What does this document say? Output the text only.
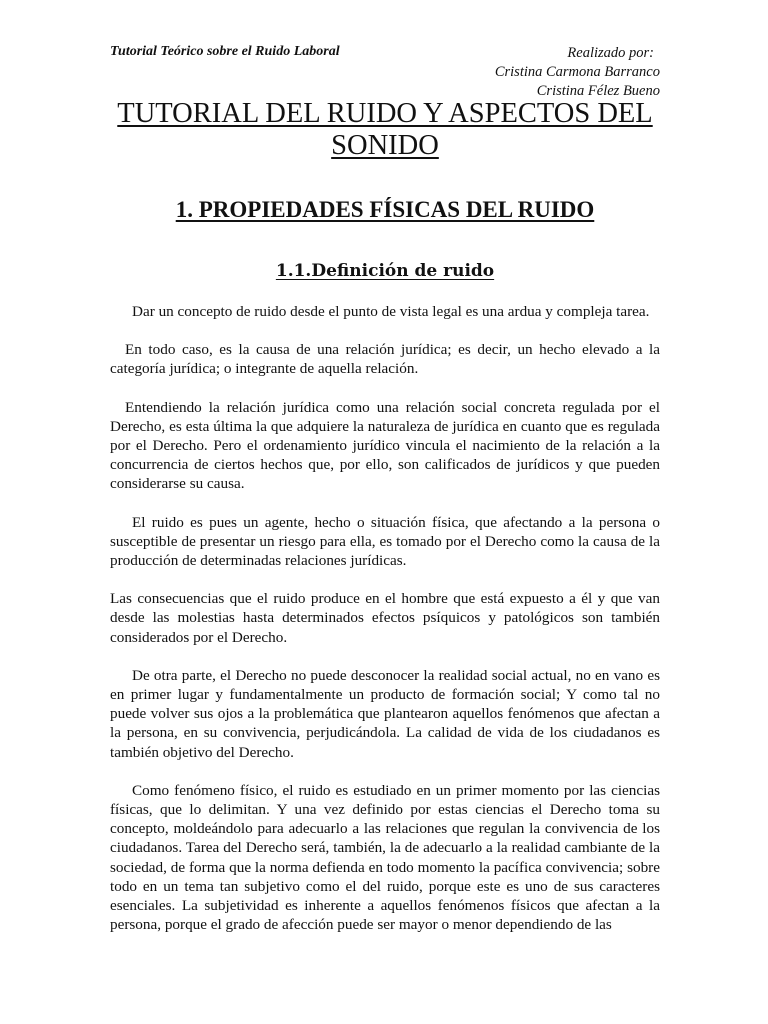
Tutorial Teórico sobre el Ruido Laboral	Realizado por:
Cristina Carmona Barranco
Cristina Félez Bueno
TUTORIAL DEL RUIDO Y ASPECTOS DEL SONIDO
1. PROPIEDADES FÍSICAS DEL RUIDO
1.1.Definición de ruido

Dar un concepto de ruido desde el punto de vista legal es una ardua y compleja tarea.

En todo caso, es la causa de una relación jurídica; es decir, un hecho elevado a la categoría jurídica; o integrante de aquella relación.

Entendiendo la relación jurídica como una relación social concreta regulada por el Derecho, es esta última la que adquiere la naturaleza de jurídica en cuanto que es regulada por el Derecho. Pero el ordenamiento jurídico vincula el nacimiento de la relación a la concurrencia de ciertos hechos que, por ello, son calificados de jurídicos y que pueden considerarse su causa.

El ruido es pues un agente, hecho o situación física, que afectando a la persona o susceptible de presentar un riesgo para ella, es tomado por el Derecho como la causa de la producción de determinadas relaciones jurídicas.

Las consecuencias que el ruido produce en el hombre que está expuesto a él y que van desde las molestias hasta determinados efectos psíquicos y patológicos son también considerados por el Derecho.

De otra parte, el Derecho no puede desconocer la realidad social actual, no en vano es en primer lugar y fundamentalmente un producto de formación social; Y como tal no puede volver sus ojos a la problemática que plantearon aquellos fenómenos que afectan a la persona, en su convivencia, perjudicándola. La calidad de vida de los ciudadanos es también objetivo del Derecho.

Como fenómeno físico, el ruido es estudiado en un primer momento por las ciencias físicas, que lo delimitan. Y una vez definido por estas ciencias el Derecho toma su concepto, moldeándolo para adecuarlo a las relaciones que regulan la convivencia de los ciudadanos. Tarea del Derecho será, también, la de adecuarlo a la realidad cambiante de la sociedad, de forma que la norma defienda en todo momento la pacífica convivencia; sobre todo en un tema tan subjetivo como el del ruido, porque este es uno de sus caracteres esenciales. La subjetividad es inherente a aquellos fenómenos físicos que afectan a la persona, porque el grado de afección puede ser mayor o menor dependiendo de las
